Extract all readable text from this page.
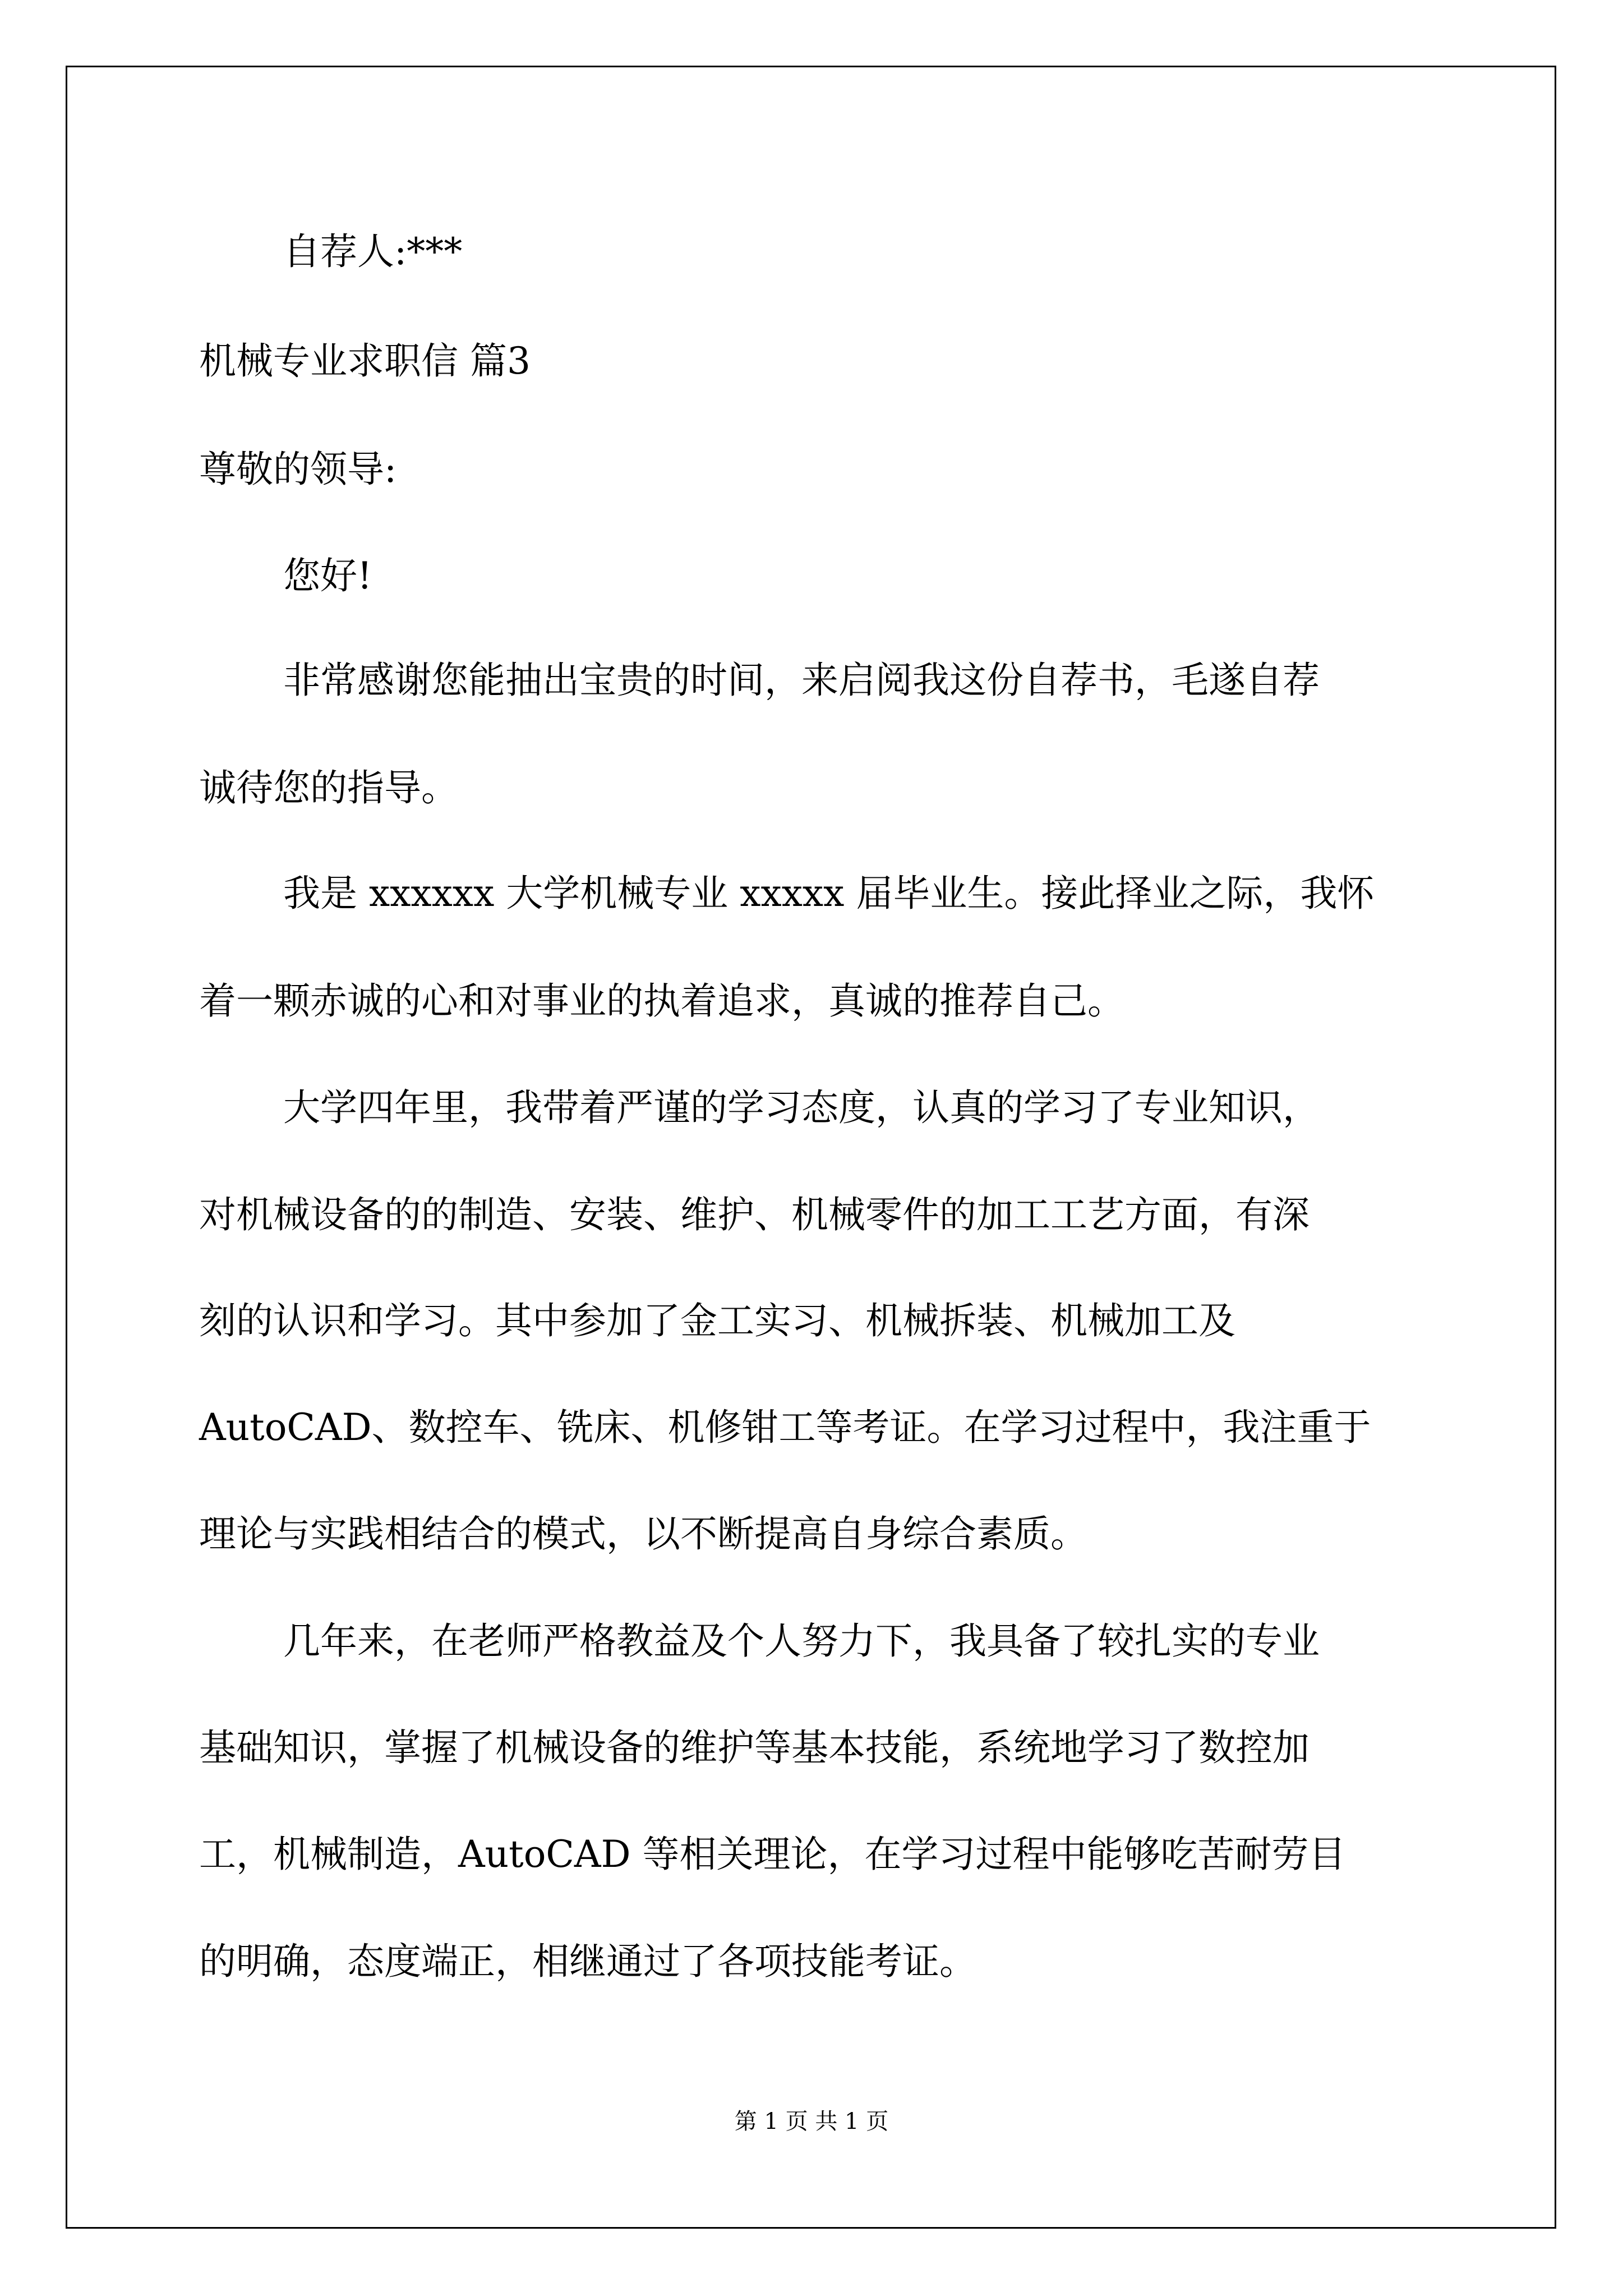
自荐人:***
机械专业求职信 篇3
尊敬的领导:
您好!
非常感谢您能抽出宝贵的时间，来启阅我这份自荐书，毛遂自荐
诚待您的指导。
我是 xxxxxx 大学机械专业 xxxxx 届毕业生。接此择业之际，我怀
着一颗赤诚的心和对事业的执着追求，真诚的推荐自己。
大学四年里，我带着严谨的学习态度，认真的学习了专业知识，
对机械设备的的制造、安装、维护、机械零件的加工工艺方面，有深
刻的认识和学习。其中参加了金工实习、机械拆装、机械加工及
AutoCAD、数控车、铣床、机修钳工等考证。在学习过程中，我注重于
理论与实践相结合的模式，以不断提高自身综合素质。
几年来，在老师严格教益及个人努力下，我具备了较扎实的专业
基础知识，掌握了机械设备的维护等基本技能，系统地学习了数控加
工，机械制造，AutoCAD 等相关理论，在学习过程中能够吃苦耐劳目
的明确，态度端正，相继通过了各项技能考证。
第 1 页 共 1 页
